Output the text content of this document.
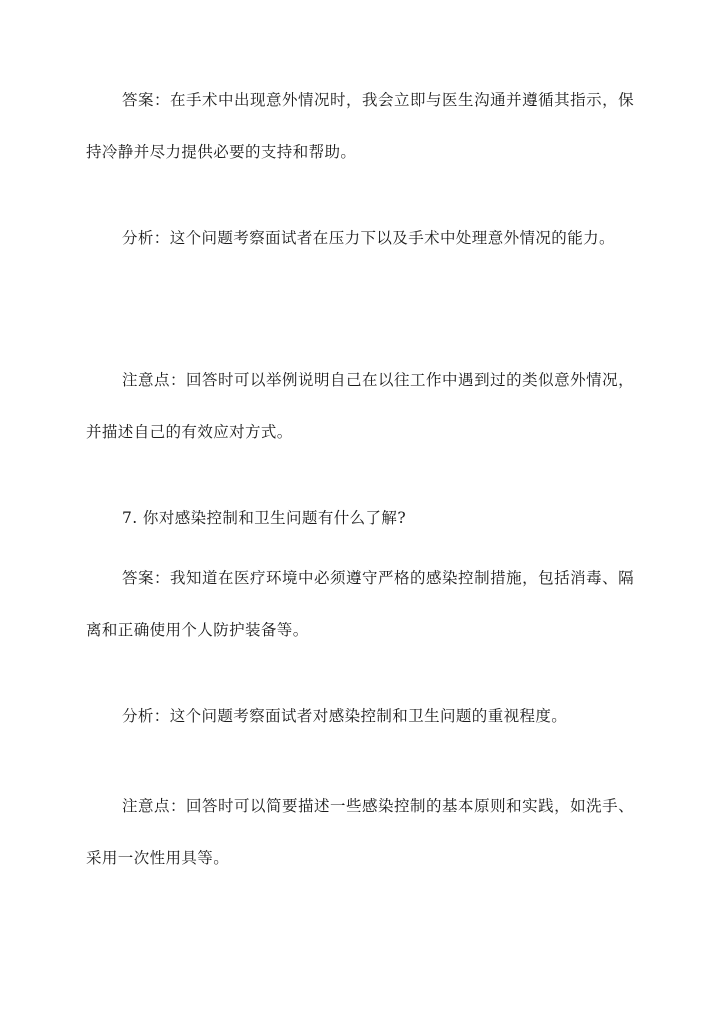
答案：在手术中出现意外情况时，我会立即与医生沟通并遵循其指示，保持冷静并尽力提供必要的支持和帮助。

分析：这个问题考察面试者在压力下以及手术中处理意外情况的能力。

注意点：回答时可以举例说明自己在以往工作中遇到过的类似意外情况，并描述自己的有效应对方式。

7. 你对感染控制和卫生问题有什么了解?

答案：我知道在医疗环境中必须遵守严格的感染控制措施，包括消毒、隔离和正确使用个人防护装备等。

分析：这个问题考察面试者对感染控制和卫生问题的重视程度。

注意点：回答时可以简要描述一些感染控制的基本原则和实践，如洗手、采用一次性用具等。
